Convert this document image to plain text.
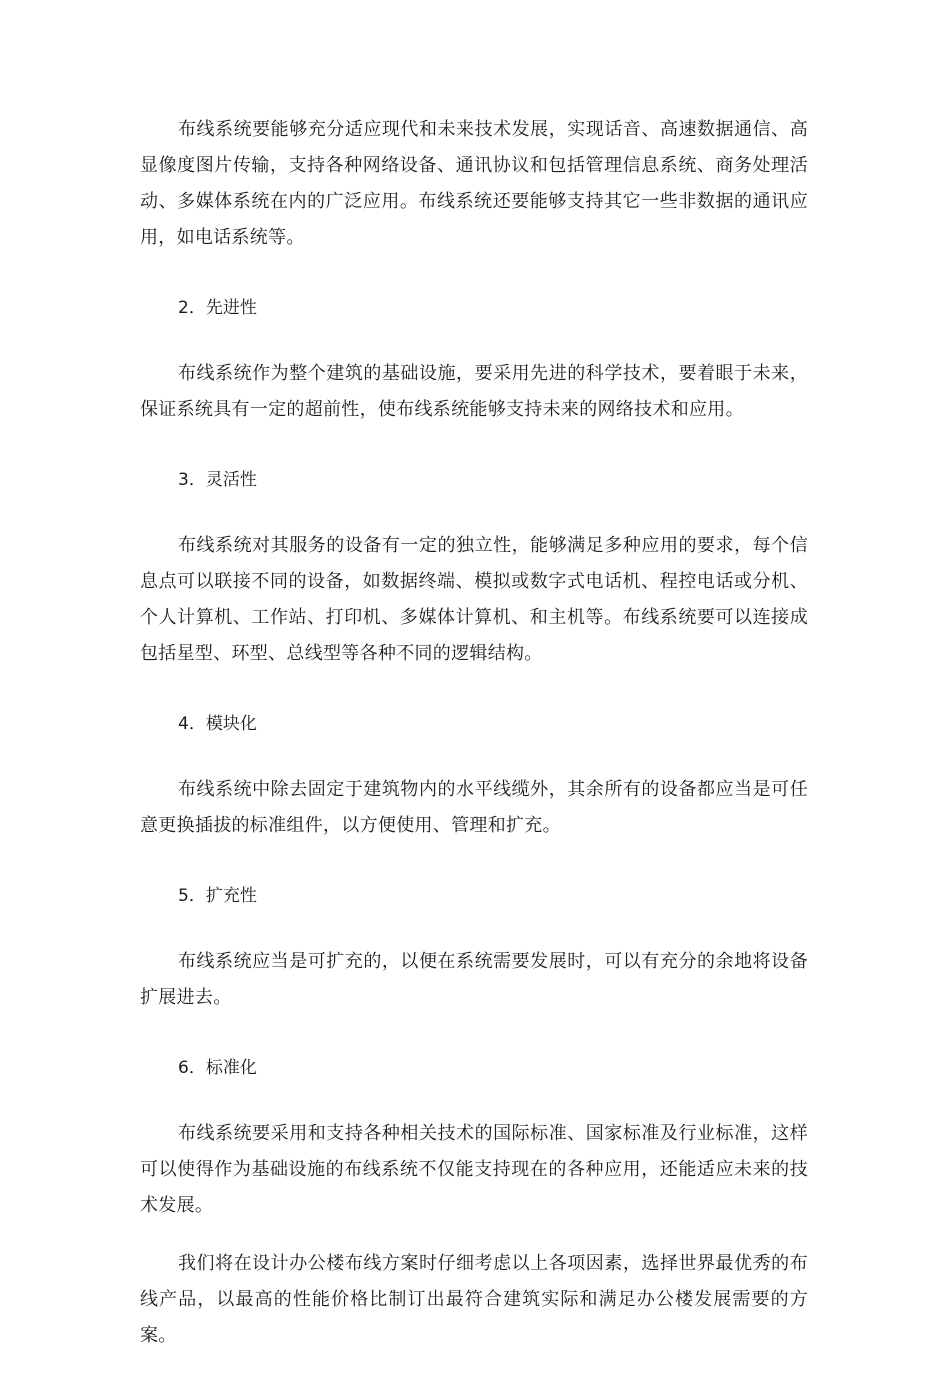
布线系统要能够充分适应现代和未来技术发展，实现话音、高速数据通信、高显像度图片传输，支持各种网络设备、通讯协议和包括管理信息系统、商务处理活动、多媒体系统在内的广泛应用。布线系统还要能够支持其它一些非数据的通讯应用，如电话系统等。

2．先进性

布线系统作为整个建筑的基础设施，要采用先进的科学技术，要着眼于未来，保证系统具有一定的超前性，使布线系统能够支持未来的网络技术和应用。

3．灵活性

布线系统对其服务的设备有一定的独立性，能够满足多种应用的要求，每个信息点可以联接不同的设备，如数据终端、模拟或数字式电话机、程控电话或分机、个人计算机、工作站、打印机、多媒体计算机、和主机等。布线系统要可以连接成包括星型、环型、总线型等各种不同的逻辑结构。

4．模块化

布线系统中除去固定于建筑物内的水平线缆外，其余所有的设备都应当是可任意更换插拔的标准组件，以方便使用、管理和扩充。

5．扩充性

布线系统应当是可扩充的，以便在系统需要发展时，可以有充分的余地将设备扩展进去。

6．标准化

布线系统要采用和支持各种相关技术的国际标准、国家标准及行业标准，这样可以使得作为基础设施的布线系统不仅能支持现在的各种应用，还能适应未来的技术发展。

我们将在设计办公楼布线方案时仔细考虑以上各项因素，选择世界最优秀的布线产品，以最高的性能价格比制订出最符合建筑实际和满足办公楼发展需要的方案。
